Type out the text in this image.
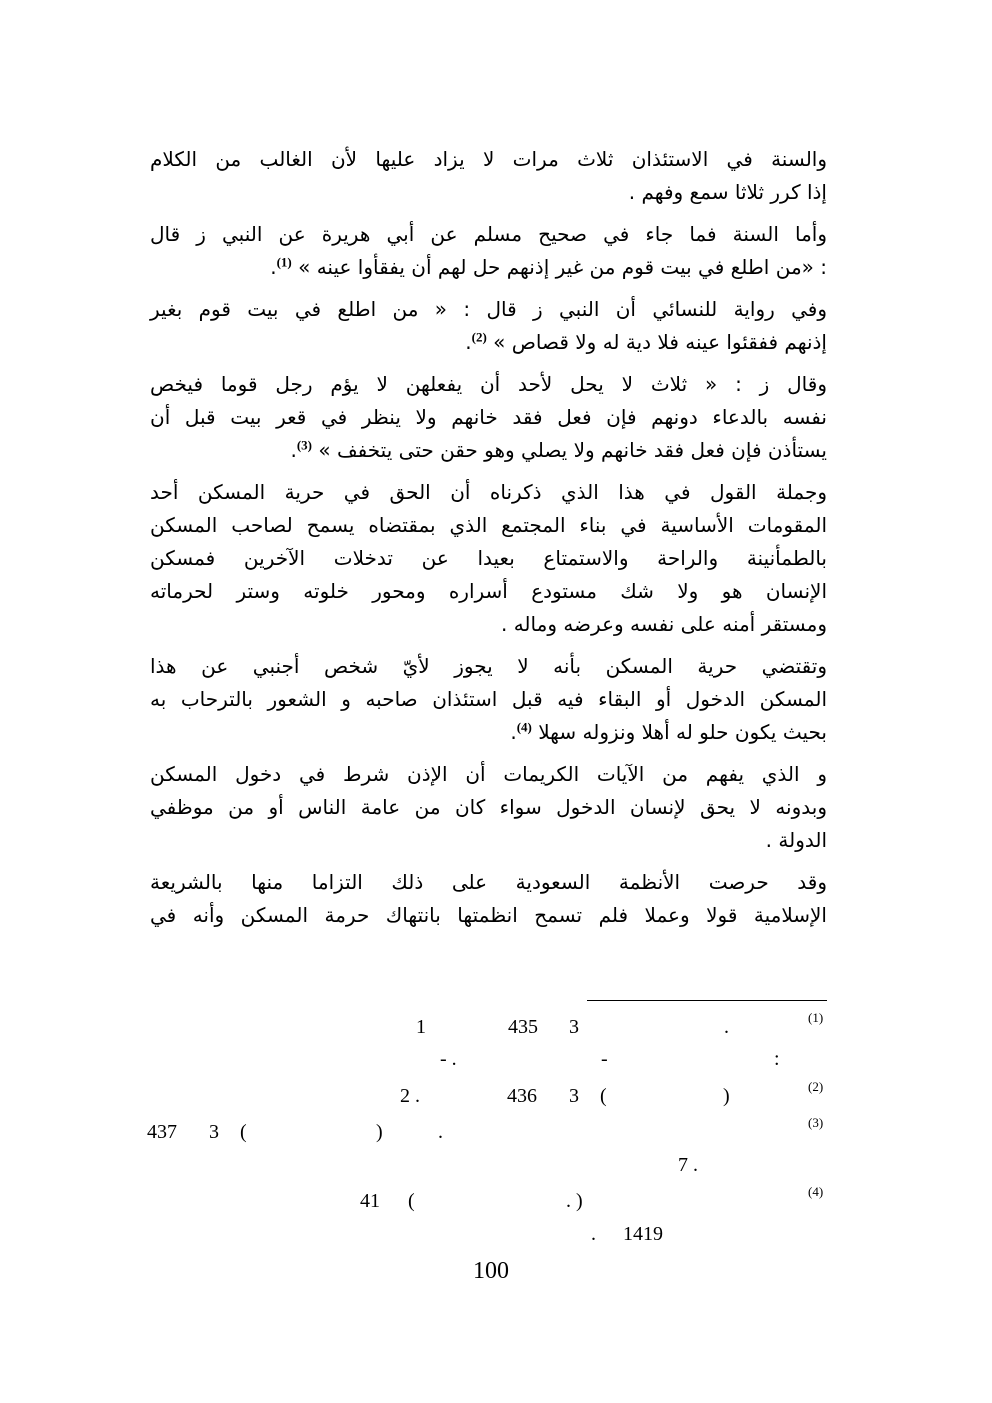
والسنة في الاستئذان ثلاث مرات لا يزاد عليها لأن الغالب من الكلام
إذا كرر ثلاثا سمع وفهم .
وأما السنة فما جاء في صحيح مسلم عن أبي هريرة عن النبي ز قال
: «من اطلع في بيت قوم من غير إذنهم حل لهم أن يفقأوا عينه » $^{(1)}$.
وفي رواية للنسائي أن النبي ز قال : « من اطلع في بيت قوم بغير
إذنهم ففقئوا عينه فلا دية له ولا قصاص » $^{(2)}$.
وقال ز : « ثلاث لا يحل لأحد أن يفعلهن لا يؤم رجل قوما فيخص
نفسه بالدعاء دونهم فإن فعل فقد خانهم ولا ينظر في قعر بيت قبل أن
يستأذن فإن فعل فقد خانهم ولا يصلي وهو حقن حتى يتخفف » $^{(3)}$.
وجملة القول في هذا الذي ذكرناه أن الحق في حرية المسكن أحد
المقومات الأساسية في بناء المجتمع الذي بمقتضاه يسمح لصاحب المسكن
بالطمأنينة والراحة والاستمتاع بعيدا عن تدخلات الآخرين فمسكن
الإنسان هو ولا شك مستودع أسراره ومحور خلوته وستر لحرماته
ومستقر أمنه على نفسه وعرضه وماله .
وتقتضي حرية المسكن بأنه لا يجوز لأيّ شخص أجنبي عن هذا
المسكن الدخول أو البقاء فيه قبل استئذان صاحبه و الشعور بالترحاب به
بحيث يكون حلو له أهلا ونزوله سهلا $^{(4)}$.
و الذي يفهم من الآيات الكريمات أن الإذن شرط في دخول المسكن
وبدونه لا يحق لإنسان الدخول سواء كان من عامة الناس أو من موظفي
الدولة .
وقد حرصت الأنظمة السعودية على ذلك التزاما منها بالشريعة
الإسلامية قولا وعملا فلم تسمح انظمتها بانتهاك حرمة المسكن وأنه في
(1)
.
3
435
1
:
-
- .
(2)
)
(
3
436
2 .
(3)
.
)
(
3
437
7 .
(4)
. )
(
41
1419
.
100
